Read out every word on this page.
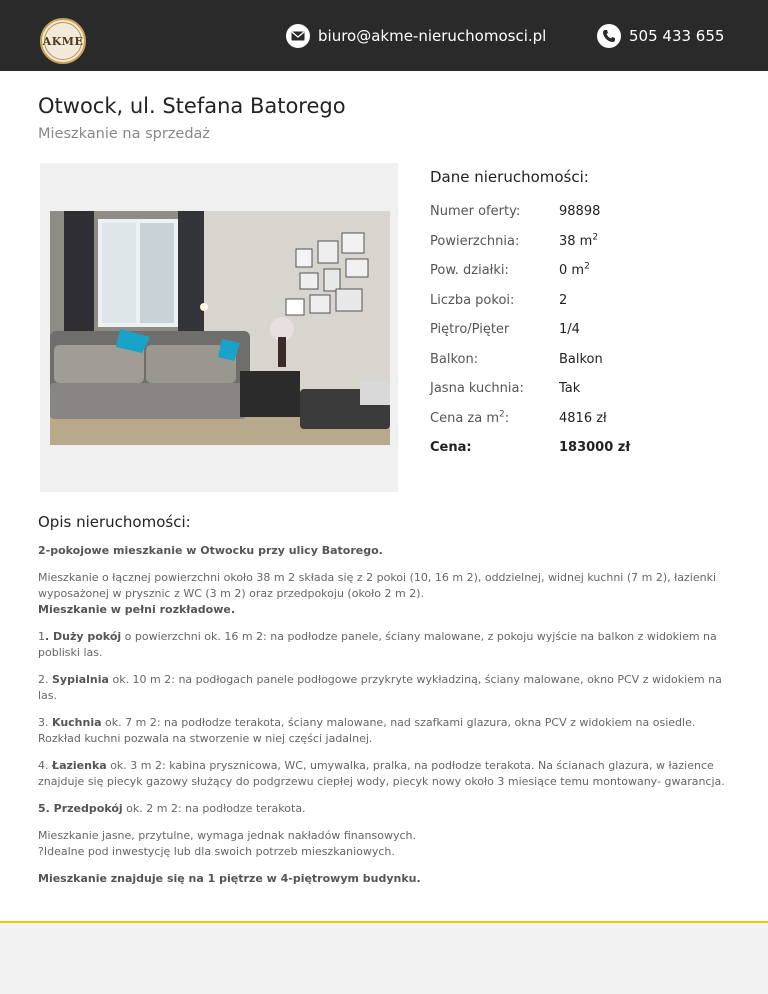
AKME	biuro@akme-nieruchomosci.pl	505 433 655
Otwock, ul. Stefana Batorego
Mieszkanie na sprzedaż
Dane nieruchomości:
Numer oferty:	98898
Powierzchnia:	38 $m^2$
Pow. działki:	0 $m^2$
Liczba pokoi:	2
Piętro/Pięter	1/4
Balkon:	Balkon
Jasna kuchnia:	Tak
Cena za $m^2$:	4816 zł
Cena:	183000 zł
Opis nieruchomości:

2-pokojowe mieszkanie w Otwocku przy ulicy Batorego.

Mieszkanie o łącznej powierzchni około 38 m 2 składa się z 2 pokoi (10, 16 m 2), oddzielnej, widnej kuchni (7 m 2), łazienki wyposażonej w prysznic z WC (3 m 2) oraz przedpokoju (około 2 m 2).
Mieszkanie w pełni rozkładowe.

1. Duży pokój o powierzchni ok. 16 m 2: na podłodze panele, ściany malowane, z pokoju wyjście na balkon z widokiem na pobliski las.

2. Sypialnia ok. 10 m 2: na podłogach panele podłogowe przykryte wykładziną, ściany malowane, okno PCV z widokiem na las.

3. Kuchnia ok. 7 m 2: na podłodze terakota, ściany malowane, nad szafkami glazura, okna PCV z widokiem na osiedle. Rozkład kuchni pozwala na stworzenie w niej części jadalnej.

4. Łazienka ok. 3 m 2: kabina prysznicowa, WC, umywalka, pralka, na podłodze terakota. Na ścianach glazura, w łazience znajduje się piecyk gazowy służący do podgrzewu ciepłej wody, piecyk nowy około 3 miesiące temu montowany- gwarancja.

5. Przedpokój ok. 2 m 2: na podłodze terakota.

Mieszkanie jasne, przytulne, wymaga jednak nakładów finansowych.
?Idealne pod inwestycję lub dla swoich potrzeb mieszkaniowych.

Mieszkanie znajduje się na 1 piętrze w 4-piętrowym budynku.
